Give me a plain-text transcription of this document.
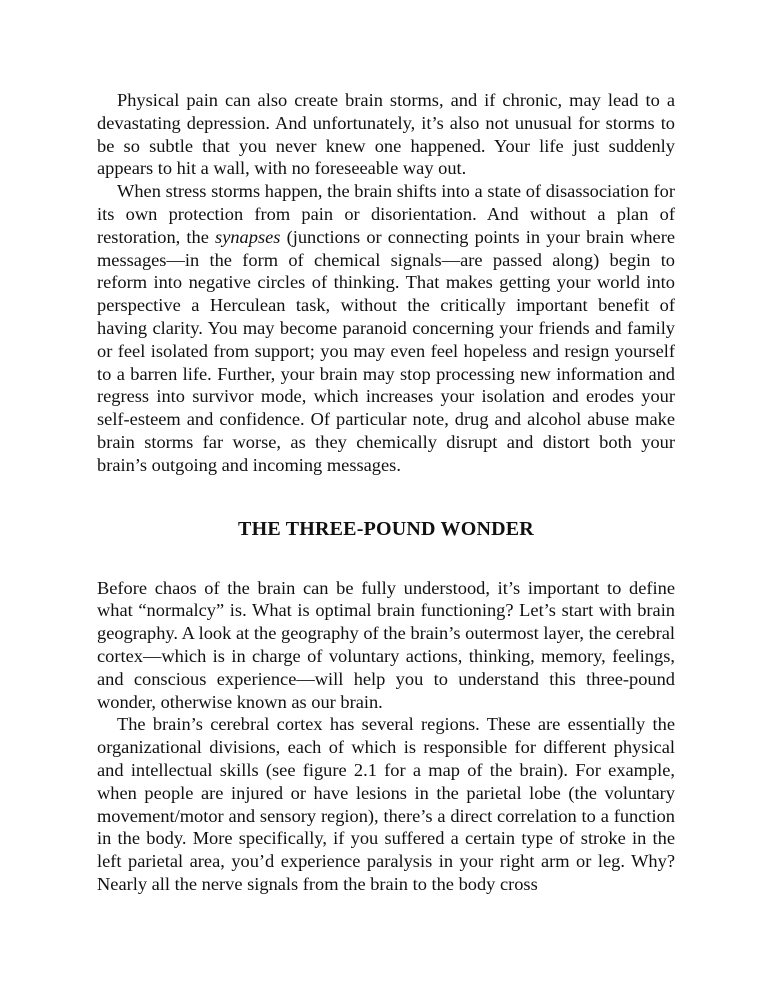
Physical pain can also create brain storms, and if chronic, may lead to a devastating depression. And unfortunately, it’s also not unusual for storms to be so subtle that you never knew one happened. Your life just suddenly appears to hit a wall, with no foreseeable way out.

When stress storms happen, the brain shifts into a state of disassociation for its own protection from pain or disorientation. And without a plan of restoration, the synapses (junctions or connecting points in your brain where messages—in the form of chemical signals—are passed along) begin to reform into negative circles of thinking. That makes getting your world into perspective a Herculean task, without the critically important benefit of having clarity. You may become paranoid concerning your friends and family or feel isolated from support; you may even feel hopeless and resign yourself to a barren life. Further, your brain may stop processing new information and regress into survivor mode, which increases your isolation and erodes your self-esteem and confidence. Of particular note, drug and alcohol abuse make brain storms far worse, as they chemically disrupt and distort both your brain’s outgoing and incoming messages.

THE THREE-POUND WONDER

Before chaos of the brain can be fully understood, it’s important to define what “normalcy” is. What is optimal brain functioning? Let’s start with brain geography. A look at the geography of the brain’s outermost layer, the cerebral cortex—which is in charge of voluntary actions, thinking, memory, feelings, and conscious experience—will help you to understand this three-pound wonder, otherwise known as our brain.

The brain’s cerebral cortex has several regions. These are essentially the organizational divisions, each of which is responsible for different physical and intellectual skills (see figure 2.1 for a map of the brain). For example, when people are injured or have lesions in the parietal lobe (the voluntary movement/motor and sensory region), there’s a direct correlation to a function in the body. More specifically, if you suffered a certain type of stroke in the left parietal area, you’d experience paralysis in your right arm or leg. Why? Nearly all the nerve signals from the brain to the body cross
